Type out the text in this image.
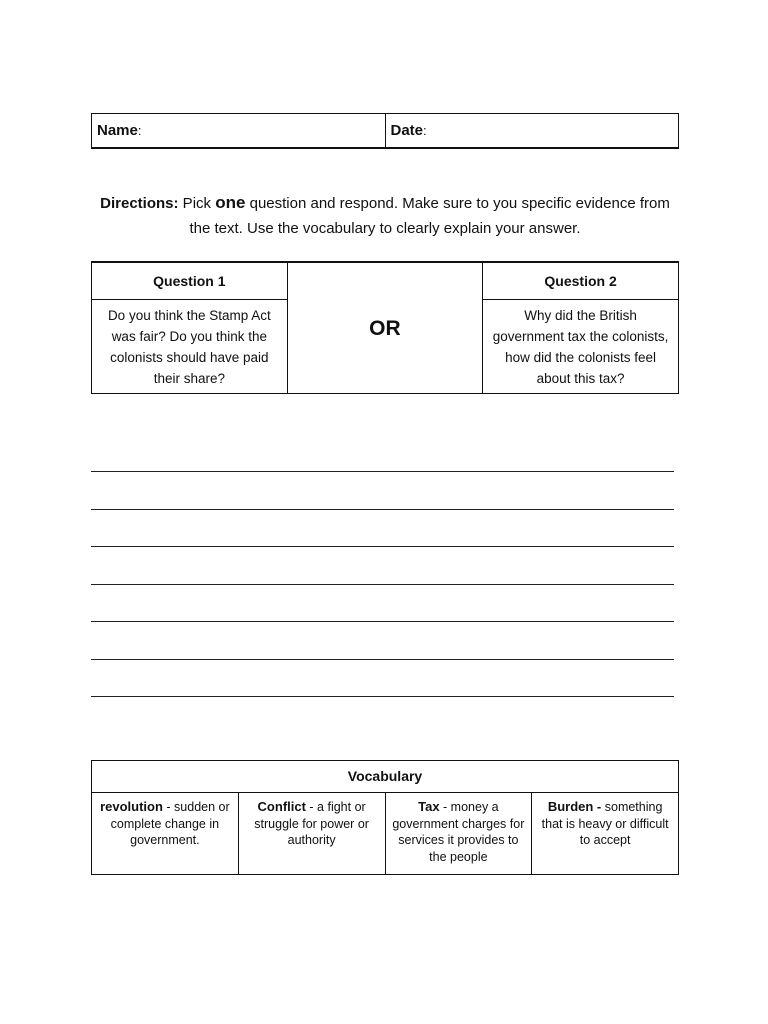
Name:	Date:
Directions: Pick one question and respond. Make sure to you specific evidence from the text. Use the vocabulary to clearly explain your answer.
Question 1	OR	Question 2
Do you think the Stamp Act was fair? Do you think the colonists should have paid their share?		Why did the British government tax the colonists, how did the colonists feel about this tax?
Vocabulary
revolution - sudden or complete change in government.	Conflict - a fight or struggle for power or authority	Tax - money a government charges for services it provides to the people	Burden - something that is heavy or difficult to accept
